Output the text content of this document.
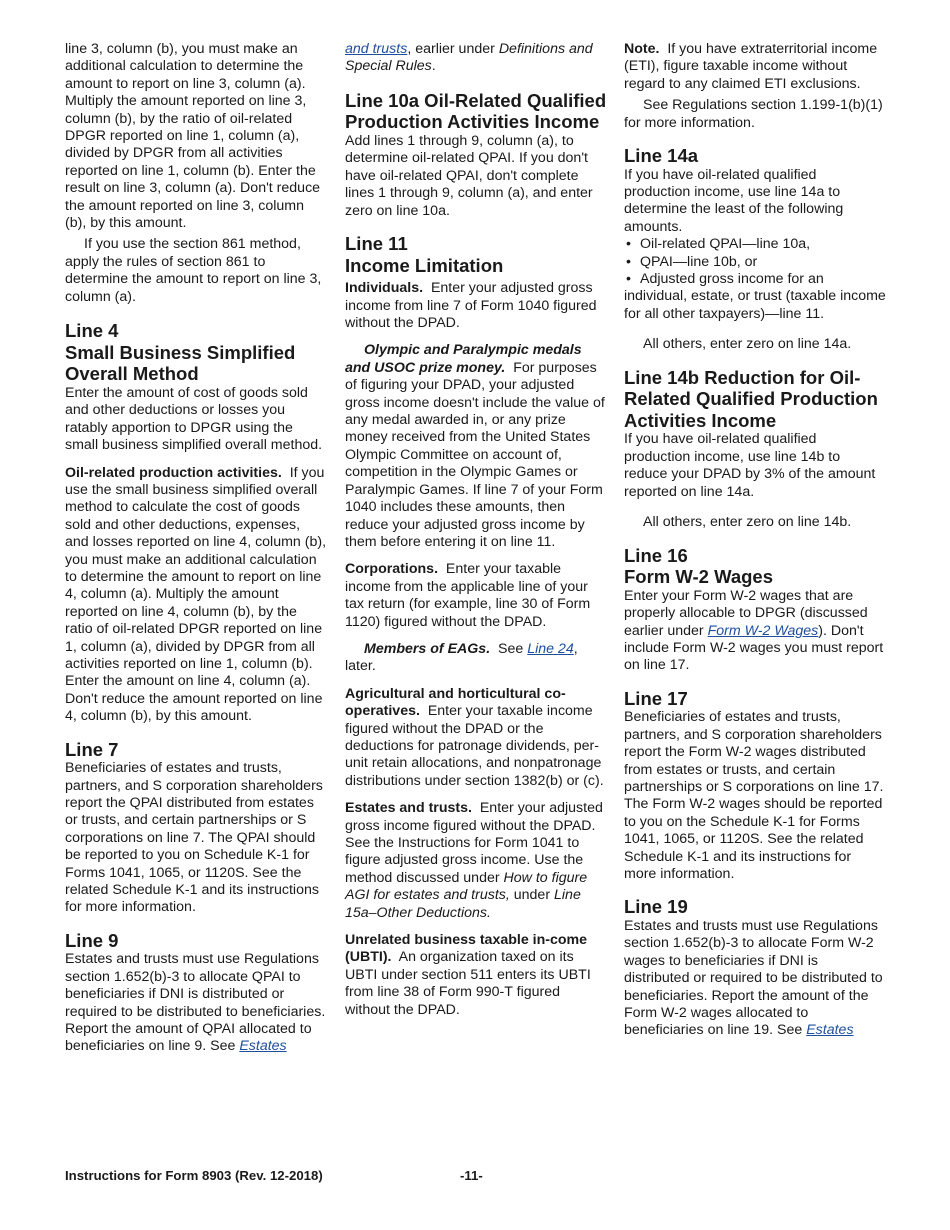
line 3, column (b), you must make an additional calculation to determine the amount to report on line 3, column (a). Multiply the amount reported on line 3, column (b), by the ratio of oil-related DPGR reported on line 1, column (a), divided by DPGR from all activities reported on line 1, column (b). Enter the result on line 3, column (a). Don't reduce the amount reported on line 3, column (b), by this amount.

If you use the section 861 method, apply the rules of section 861 to determine the amount to report on line 3, column (a).

Line 4
Small Business Simplified Overall Method

Enter the amount of cost of goods sold and other deductions or losses you ratably apportion to DPGR using the small business simplified overall method.

Oil-related production activities. If you use the small business simplified overall method to calculate the cost of goods sold and other deductions, expenses, and losses reported on line 4, column (b), you must make an additional calculation to determine the amount to report on line 4, column (a). Multiply the amount reported on line 4, column (b), by the ratio of oil-related DPGR reported on line 1, column (a), divided by DPGR from all activities reported on line 1, column (b). Enter the amount on line 4, column (a). Don't reduce the amount reported on line 4, column (b), by this amount.

Line 7

Beneficiaries of estates and trusts, partners, and S corporation shareholders report the QPAI distributed from estates or trusts, and certain partnerships or S corporations on line 7. The QPAI should be reported to you on Schedule K-1 for Forms 1041, 1065, or 1120S. See the related Schedule K-1 and its instructions for more information.

Line 9

Estates and trusts must use Regulations section 1.652(b)-3 to allocate QPAI to beneficiaries if DNI is distributed or required to be distributed to beneficiaries. Report the amount of QPAI allocated to beneficiaries on line 9. See Estates

and trusts, earlier under Definitions and Special Rules.

Line 10a Oil-Related Qualified Production Activities Income

Add lines 1 through 9, column (a), to determine oil-related QPAI. If you don't have oil-related QPAI, don't complete lines 1 through 9, column (a), and enter zero on line 10a.

Line 11
Income Limitation

Individuals. Enter your adjusted gross income from line 7 of Form 1040 figured without the DPAD.

Olympic and Paralympic medals and USOC prize money. For purposes of figuring your DPAD, your adjusted gross income doesn't include the value of any medal awarded in, or any prize money received from the United States Olympic Committee on account of, competition in the Olympic Games or Paralympic Games. If line 7 of your Form 1040 includes these amounts, then reduce your adjusted gross income by them before entering it on line 11.

Corporations. Enter your taxable income from the applicable line of your tax return (for example, line 30 of Form 1120) figured without the DPAD.

Members of EAGs. See Line 24, later.

Agricultural and horticultural co-operatives. Enter your taxable income figured without the DPAD or the deductions for patronage dividends, per-unit retain allocations, and nonpatronage distributions under section 1382(b) or (c).

Estates and trusts. Enter your adjusted gross income figured without the DPAD. See the Instructions for Form 1041 to figure adjusted gross income. Use the method discussed under How to figure AGI for estates and trusts, under Line 15a–Other Deductions.

Unrelated business taxable in-come (UBTI). An organization taxed on its UBTI under section 511 enters its UBTI from line 38 of Form 990-T figured without the DPAD.

Note. If you have extraterritorial income (ETI), figure taxable income without regard to any claimed ETI exclusions.

See Regulations section 1.199-1(b)(1) for more information.

Line 14a

If you have oil-related qualified production income, use line 14a to determine the least of the following amounts.

• Oil-related QPAI—line 10a,
• QPAI—line 10b, or
• Adjusted gross income for an individual, estate, or trust (taxable income for all other taxpayers)—line 11.

All others, enter zero on line 14a.

Line 14b Reduction for Oil-Related Qualified Production Activities Income

If you have oil-related qualified production income, use line 14b to reduce your DPAD by 3% of the amount reported on line 14a.

All others, enter zero on line 14b.

Line 16
Form W-2 Wages

Enter your Form W-2 wages that are properly allocable to DPGR (discussed earlier under Form W-2 Wages). Don't include Form W-2 wages you must report on line 17.

Line 17

Beneficiaries of estates and trusts, partners, and S corporation shareholders report the Form W-2 wages distributed from estates or trusts, and certain partnerships or S corporations on line 17. The Form W-2 wages should be reported to you on the Schedule K-1 for Forms 1041, 1065, or 1120S. See the related Schedule K-1 and its instructions for more information.

Line 19

Estates and trusts must use Regulations section 1.652(b)-3 to allocate Form W-2 wages to beneficiaries if DNI is distributed or required to be distributed to beneficiaries. Report the amount of the Form W-2 wages allocated to beneficiaries on line 19. See Estates

Instructions for Form 8903 (Rev. 12-2018)	-11-
